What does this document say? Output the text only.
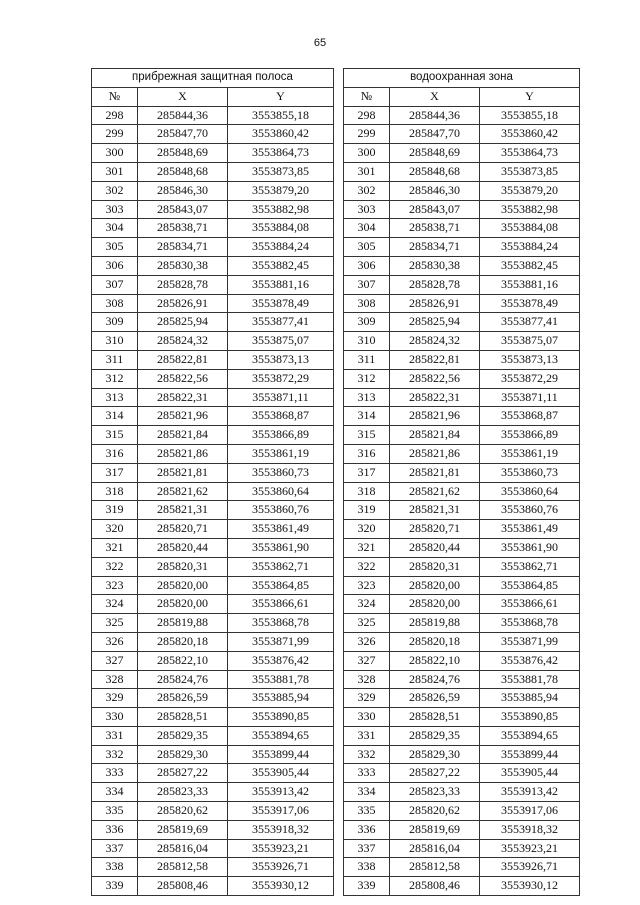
65
прибрежная защитная полоса		
№	X	Y
298	285844,36	3553855,18
299	285847,70	3553860,42
300	285848,69	3553864,73
301	285848,68	3553873,85
302	285846,30	3553879,20
303	285843,07	3553882,98
304	285838,71	3553884,08
305	285834,71	3553884,24
306	285830,38	3553882,45
307	285828,78	3553881,16
308	285826,91	3553878,49
309	285825,94	3553877,41
310	285824,32	3553875,07
311	285822,81	3553873,13
312	285822,56	3553872,29
313	285822,31	3553871,11
314	285821,96	3553868,87
315	285821,84	3553866,89
316	285821,86	3553861,19
317	285821,81	3553860,73
318	285821,62	3553860,64
319	285821,31	3553860,76
320	285820,71	3553861,49
321	285820,44	3553861,90
322	285820,31	3553862,71
323	285820,00	3553864,85
324	285820,00	3553866,61
325	285819,88	3553868,78
326	285820,18	3553871,99
327	285822,10	3553876,42
328	285824,76	3553881,78
329	285826,59	3553885,94
330	285828,51	3553890,85
331	285829,35	3553894,65
332	285829,30	3553899,44
333	285827,22	3553905,44
334	285823,33	3553913,42
335	285820,62	3553917,06
336	285819,69	3553918,32
337	285816,04	3553923,21
338	285812,58	3553926,71
339	285808,46	3553930,12
водоохранная зона		
№	X	Y
298	285844,36	3553855,18
299	285847,70	3553860,42
300	285848,69	3553864,73
301	285848,68	3553873,85
302	285846,30	3553879,20
303	285843,07	3553882,98
304	285838,71	3553884,08
305	285834,71	3553884,24
306	285830,38	3553882,45
307	285828,78	3553881,16
308	285826,91	3553878,49
309	285825,94	3553877,41
310	285824,32	3553875,07
311	285822,81	3553873,13
312	285822,56	3553872,29
313	285822,31	3553871,11
314	285821,96	3553868,87
315	285821,84	3553866,89
316	285821,86	3553861,19
317	285821,81	3553860,73
318	285821,62	3553860,64
319	285821,31	3553860,76
320	285820,71	3553861,49
321	285820,44	3553861,90
322	285820,31	3553862,71
323	285820,00	3553864,85
324	285820,00	3553866,61
325	285819,88	3553868,78
326	285820,18	3553871,99
327	285822,10	3553876,42
328	285824,76	3553881,78
329	285826,59	3553885,94
330	285828,51	3553890,85
331	285829,35	3553894,65
332	285829,30	3553899,44
333	285827,22	3553905,44
334	285823,33	3553913,42
335	285820,62	3553917,06
336	285819,69	3553918,32
337	285816,04	3553923,21
338	285812,58	3553926,71
339	285808,46	3553930,12
